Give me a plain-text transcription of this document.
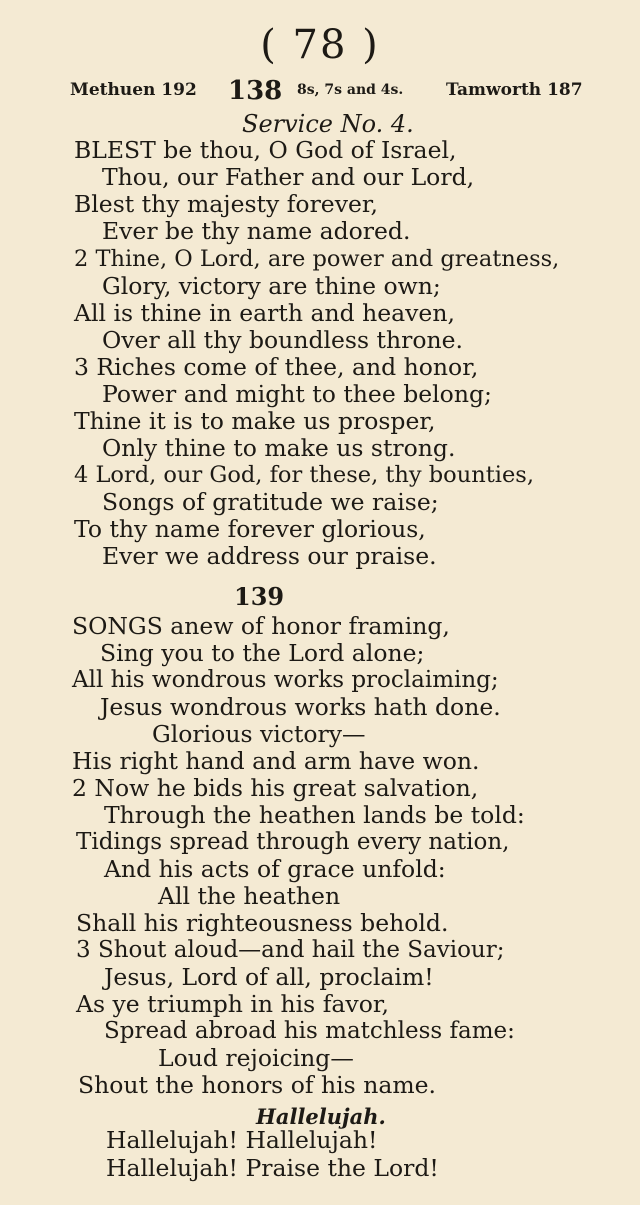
( 78 )
Methuen 192 138 8s, 7s and 4s.	Tamworth 187
Service No. 4.
BLEST be thou, O God of Israel,
Thou, our Father and our Lord,
Blest thy majesty forever,
Ever be thy name adored.
2 Thine, O Lord, are power and greatness,
Glory, victory are thine own;
All is thine in earth and heaven,
Over all thy boundless throne.
3 Riches come of thee, and honor,
Power and might to thee belong;
Thine it is to make us prosper,
Only thine to make us strong.
4 Lord, our God, for these, thy bounties,
Songs of gratitude we raise;
To thy name forever glorious,
Ever we address our praise.
139
SONGS anew of honor framing,
Sing you to the Lord alone;
All his wondrous works proclaiming;
Jesus wondrous works hath done.
Glorious victory—
His right hand and arm have won.
2 Now he bids his great salvation,
Through the heathen lands be told:
Tidings spread through every nation,
And his acts of grace unfold:
All the heathen
Shall his righteousness behold.
3 Shout aloud—and hail the Saviour;
Jesus, Lord of all, proclaim!
As ye triumph in his favor,
Spread abroad his matchless fame:
Loud rejoicing—
Shout the honors of his name.
Hallelujah.
Hallelujah! Hallelujah!
Hallelujah! Praise the Lord!
